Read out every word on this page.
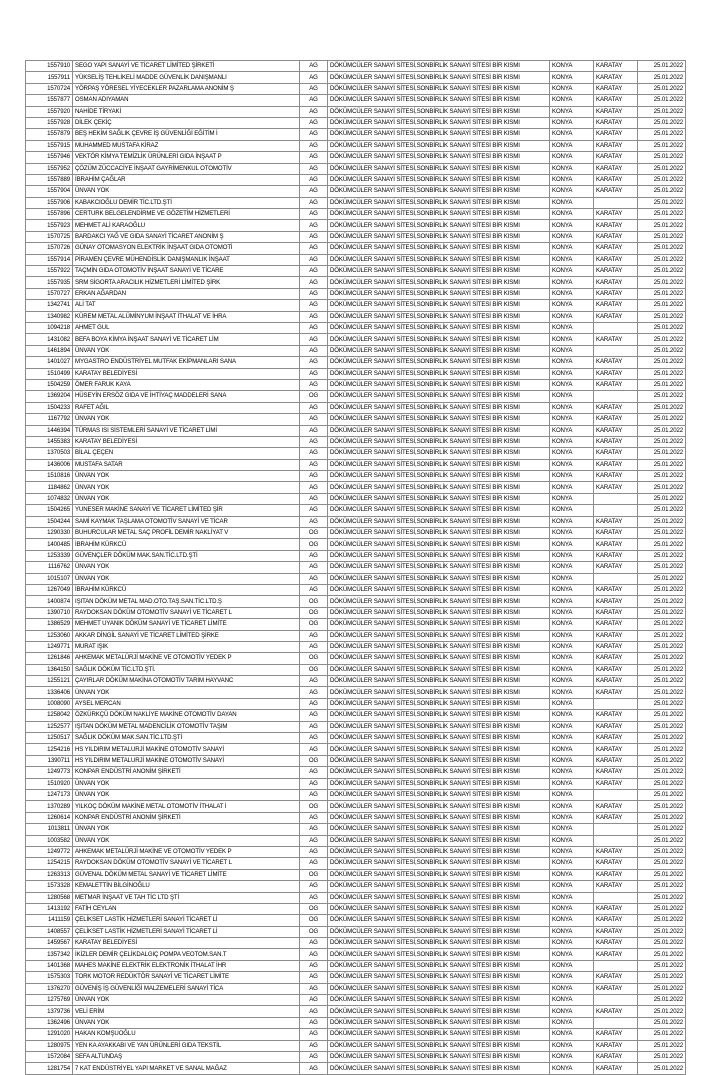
1557910	SEGO YAPI SANAYİ VE TİCARET LİMİTED ŞİRKETİ	AG	DÖKÜMCÜLER SANAYİ SİTESİ,SONBİRLİK SANAYİ SİTESİ BİR KISMI	KONYA	KARATAY	25.01.2022
1557911	YÜKSELİŞ TEHLİKELİ MADDE GÜVENLİK DANIŞMANLI	AG	DÖKÜMCÜLER SANAYİ SİTESİ,SONBİRLİK SANAYİ SİTESİ BİR KISMI	KONYA	KARATAY	25.01.2022
1570724	YÖRPAŞ YÖRESEL YİYECEKLER PAZARLAMA ANONİM Ş	AG	DÖKÜMCÜLER SANAYİ SİTESİ,SONBİRLİK SANAYİ SİTESİ BİR KISMI	KONYA	KARATAY	25.01.2022
1557877	OSMAN ADIYAMAN	AG	DÖKÜMCÜLER SANAYİ SİTESİ,SONBİRLİK SANAYİ SİTESİ BİR KISMI	KONYA	KARATAY	25.01.2022
1557920	NAHİDE TİRYAKİ	AG	DÖKÜMCÜLER SANAYİ SİTESİ,SONBİRLİK SANAYİ SİTESİ BİR KISMI	KONYA	KARATAY	25.01.2022
1557928	DİLEK ÇEKİÇ	AG	DÖKÜMCÜLER SANAYİ SİTESİ,SONBİRLİK SANAYİ SİTESİ BİR KISMI	KONYA	KARATAY	25.01.2022
1557879	BEŞ HEKİM SAĞLIK ÇEVRE İŞ GÜVENLİĞİ EĞİTİM İ	AG	DÖKÜMCÜLER SANAYİ SİTESİ,SONBİRLİK SANAYİ SİTESİ BİR KISMI	KONYA	KARATAY	25.01.2022
1557915	MUHAMMED MUSTAFA KİRAZ	AG	DÖKÜMCÜLER SANAYİ SİTESİ,SONBİRLİK SANAYİ SİTESİ BİR KISMI	KONYA	KARATAY	25.01.2022
1557946	VEKTÖR KİMYA TEMİZLİK ÜRÜNLERİ GIDA İNŞAAT P	AG	DÖKÜMCÜLER SANAYİ SİTESİ,SONBİRLİK SANAYİ SİTESİ BİR KISMI	KONYA	KARATAY	25.01.2022
1557952	ÇÖZÜM ZÜCCACİYE İNŞAAT GAYRİMENKUL OTOMOTİV	AG	DÖKÜMCÜLER SANAYİ SİTESİ,SONBİRLİK SANAYİ SİTESİ BİR KISMI	KONYA	KARATAY	25.01.2022
1557889	İBRAHİM ÇAĞLAR	AG	DÖKÜMCÜLER SANAYİ SİTESİ,SONBİRLİK SANAYİ SİTESİ BİR KISMI	KONYA	KARATAY	25.01.2022
1557904	ÜNVAN YOK	AG	DÖKÜMCÜLER SANAYİ SİTESİ,SONBİRLİK SANAYİ SİTESİ BİR KISMI	KONYA	KARATAY	25.01.2022
1557906	KABAKCIOĞLU DEMİR TİC.LTD.ŞTİ	AG	DÖKÜMCÜLER SANAYİ SİTESİ,SONBİRLİK SANAYİ SİTESİ BİR KISMI	KONYA		25.01.2022
1557896	CERTURK BELGELENDİRME VE GÖZETİM HİZMETLERİ	AG	DÖKÜMCÜLER SANAYİ SİTESİ,SONBİRLİK SANAYİ SİTESİ BİR KISMI	KONYA	KARATAY	25.01.2022
1557923	MEHMET ALİ KARAOĞLU	AG	DÖKÜMCÜLER SANAYİ SİTESİ,SONBİRLİK SANAYİ SİTESİ BİR KISMI	KONYA	KARATAY	25.01.2022
1570725	BARDAKCI YAĞ VE GIDA SANAYİ TİCARET ANONİM Ş	AG	DÖKÜMCÜLER SANAYİ SİTESİ,SONBİRLİK SANAYİ SİTESİ BİR KISMI	KONYA	KARATAY	25.01.2022
1570726	GÜNAY OTOMASYON ELEKTRİK İNŞAAT GIDA OTOMOTİ	AG	DÖKÜMCÜLER SANAYİ SİTESİ,SONBİRLİK SANAYİ SİTESİ BİR KISMI	KONYA	KARATAY	25.01.2022
1557914	PİRAMEN ÇEVRE MÜHENDİSLİK DANIŞMANLIK İNŞAAT	AG	DÖKÜMCÜLER SANAYİ SİTESİ,SONBİRLİK SANAYİ SİTESİ BİR KISMI	KONYA	KARATAY	25.01.2022
1557922	TAÇMİN GIDA OTOMOTİV İNŞAAT SANAYİ VE TİCARE	AG	DÖKÜMCÜLER SANAYİ SİTESİ,SONBİRLİK SANAYİ SİTESİ BİR KISMI	KONYA	KARATAY	25.01.2022
1557935	SRM SİGORTA ARACILIK HİZMETLERİ LİMİTED ŞİRK	AG	DÖKÜMCÜLER SANAYİ SİTESİ,SONBİRLİK SANAYİ SİTESİ BİR KISMI	KONYA	KARATAY	25.01.2022
1570727	ERKAN AĞARDAN	AG	DÖKÜMCÜLER SANAYİ SİTESİ,SONBİRLİK SANAYİ SİTESİ BİR KISMI	KONYA	KARATAY	25.01.2022
1342741	ALİ TAT	AG	DÖKÜMCÜLER SANAYİ SİTESİ,SONBİRLİK SANAYİ SİTESİ BİR KISMI	KONYA	KARATAY	25.01.2022
1340982	KÜREM METAL ALÜMİNYUM İNŞAAT İTHALAT VE İHRA	AG	DÖKÜMCÜLER SANAYİ SİTESİ,SONBİRLİK SANAYİ SİTESİ BİR KISMI	KONYA	KARATAY	25.01.2022
1094218	AHMET GUL	AG	DÖKÜMCÜLER SANAYİ SİTESİ,SONBİRLİK SANAYİ SİTESİ BİR KISMI	KONYA		25.01.2022
1431082	BEFA BOYA KİMYA İNŞAAT SANAYİ VE TİCARET LİM	AG	DÖKÜMCÜLER SANAYİ SİTESİ,SONBİRLİK SANAYİ SİTESİ BİR KISMI	KONYA	KARATAY	25.01.2022
1461894	ÜNVAN YOK	AG	DÖKÜMCÜLER SANAYİ SİTESİ,SONBİRLİK SANAYİ SİTESİ BİR KISMI	KONYA		25.01.2022
1401027	MYGASTRO ENDÜSTRİYEL MUTFAK EKİPMANLARI SANA	AG	DÖKÜMCÜLER SANAYİ SİTESİ,SONBİRLİK SANAYİ SİTESİ BİR KISMI	KONYA	KARATAY	25.01.2022
1510499	KARATAY BELEDİYESİ	AG	DÖKÜMCÜLER SANAYİ SİTESİ,SONBİRLİK SANAYİ SİTESİ BİR KISMI	KONYA	KARATAY	25.01.2022
1504259	ÖMER FARUK KAYA	AG	DÖKÜMCÜLER SANAYİ SİTESİ,SONBİRLİK SANAYİ SİTESİ BİR KISMI	KONYA	KARATAY	25.01.2022
1369204	HÜSEYİN ERSÖZ GIDA VE İHTİYAÇ MADDELERİ SANA	OG	DÖKÜMCÜLER SANAYİ SİTESİ,SONBİRLİK SANAYİ SİTESİ BİR KISMI	KONYA		25.01.2022
1504233	RAFET AĞIL	AG	DÖKÜMCÜLER SANAYİ SİTESİ,SONBİRLİK SANAYİ SİTESİ BİR KISMI	KONYA	KARATAY	25.01.2022
1167792	ÜNVAN YOK	AG	DÖKÜMCÜLER SANAYİ SİTESİ,SONBİRLİK SANAYİ SİTESİ BİR KISMI	KONYA	KARATAY	25.01.2022
1446394	TÜRMAS ISI SİSTEMLERİ SANAYİ VE TİCARET LİMİ	AG	DÖKÜMCÜLER SANAYİ SİTESİ,SONBİRLİK SANAYİ SİTESİ BİR KISMI	KONYA	KARATAY	25.01.2022
1455383	KARATAY BELEDİYESİ	AG	DÖKÜMCÜLER SANAYİ SİTESİ,SONBİRLİK SANAYİ SİTESİ BİR KISMI	KONYA	KARATAY	25.01.2022
1370503	BİLAL ÇEÇEN	AG	DÖKÜMCÜLER SANAYİ SİTESİ,SONBİRLİK SANAYİ SİTESİ BİR KISMI	KONYA	KARATAY	25.01.2022
1436006	MUSTAFA SATAR	AG	DÖKÜMCÜLER SANAYİ SİTESİ,SONBİRLİK SANAYİ SİTESİ BİR KISMI	KONYA	KARATAY	25.01.2022
1510816	ÜNVAN YOK	AG	DÖKÜMCÜLER SANAYİ SİTESİ,SONBİRLİK SANAYİ SİTESİ BİR KISMI	KONYA	KARATAY	25.01.2022
1184862	ÜNVAN YOK	AG	DÖKÜMCÜLER SANAYİ SİTESİ,SONBİRLİK SANAYİ SİTESİ BİR KISMI	KONYA	KARATAY	25.01.2022
1074832	ÜNVAN YOK	AG	DÖKÜMCÜLER SANAYİ SİTESİ,SONBİRLİK SANAYİ SİTESİ BİR KISMI	KONYA		25.01.2022
1504265	YUNESER MAKİNE SANAYİ VE TİCARET LİMİTED ŞİR	AG	DÖKÜMCÜLER SANAYİ SİTESİ,SONBİRLİK SANAYİ SİTESİ BİR KISMI	KONYA		25.01.2022
1504244	SAMİ KAYMAK TAŞLAMA OTOMOTİV SANAYİ VE TİCAR	AG	DÖKÜMCÜLER SANAYİ SİTESİ,SONBİRLİK SANAYİ SİTESİ BİR KISMI	KONYA	KARATAY	25.01.2022
1290330	BUHURCULAR METAL SAÇ PROFİL DEMİR NAKLİYAT V	OG	DÖKÜMCÜLER SANAYİ SİTESİ,SONBİRLİK SANAYİ SİTESİ BİR KISMI	KONYA	KARATAY	25.01.2022
1400485	İBRAHİM KÜRKCÜ	OG	DÖKÜMCÜLER SANAYİ SİTESİ,SONBİRLİK SANAYİ SİTESİ BİR KISMI	KONYA	KARATAY	25.01.2022
1253339	GÜVENÇLER DÖKÜM MAK.SAN.TİC.LTD.ŞTİ	AG	DÖKÜMCÜLER SANAYİ SİTESİ,SONBİRLİK SANAYİ SİTESİ BİR KISMI	KONYA	KARATAY	25.01.2022
1116762	ÜNVAN YOK	AG	DÖKÜMCÜLER SANAYİ SİTESİ,SONBİRLİK SANAYİ SİTESİ BİR KISMI	KONYA	KARATAY	25.01.2022
1015107	ÜNVAN YOK	AG	DÖKÜMCÜLER SANAYİ SİTESİ,SONBİRLİK SANAYİ SİTESİ BİR KISMI	KONYA		25.01.2022
1267049	İBRAHİM KÜRKCÜ	AG	DÖKÜMCÜLER SANAYİ SİTESİ,SONBİRLİK SANAYİ SİTESİ BİR KISMI	KONYA	KARATAY	25.01.2022
1400874	IŞITAN DÖKÜM METAL MAD.OTO.TAŞ.SAN.TİC.LTD.Ş	OG	DÖKÜMCÜLER SANAYİ SİTESİ,SONBİRLİK SANAYİ SİTESİ BİR KISMI	KONYA	KARATAY	25.01.2022
1390710	RAYDOKSAN DÖKÜM OTOMOTİV SANAYİ VE TİCARET L	OG	DÖKÜMCÜLER SANAYİ SİTESİ,SONBİRLİK SANAYİ SİTESİ BİR KISMI	KONYA	KARATAY	25.01.2022
1386529	MEHMET UYANIK DÖKÜM SANAYİ VE TİCARET LİMİTE	OG	DÖKÜMCÜLER SANAYİ SİTESİ,SONBİRLİK SANAYİ SİTESİ BİR KISMI	KONYA	KARATAY	25.01.2022
1253060	AKKAR DİNGİL SANAYİ VE TİCARET LİMİTED ŞİRKE	AG	DÖKÜMCÜLER SANAYİ SİTESİ,SONBİRLİK SANAYİ SİTESİ BİR KISMI	KONYA	KARATAY	25.01.2022
1249771	MURAT IŞIK	AG	DÖKÜMCÜLER SANAYİ SİTESİ,SONBİRLİK SANAYİ SİTESİ BİR KISMI	KONYA	KARATAY	25.01.2022
1261846	AHKEMAK METALÜRJİ MAKİNE VE OTOMOTİV YEDEK P	OG	DÖKÜMCÜLER SANAYİ SİTESİ,SONBİRLİK SANAYİ SİTESİ BİR KISMI	KONYA	KARATAY	25.01.2022
1364150	SAĞLIK DÖKÜM TİC.LTD.ŞTİ.	OG	DÖKÜMCÜLER SANAYİ SİTESİ,SONBİRLİK SANAYİ SİTESİ BİR KISMI	KONYA	KARATAY	25.01.2022
1255121	ÇAYIRLAR DÖKÜM MAKİNA OTOMOTİV TARIM HAYVANC	AG	DÖKÜMCÜLER SANAYİ SİTESİ,SONBİRLİK SANAYİ SİTESİ BİR KISMI	KONYA	KARATAY	25.01.2022
1336406	ÜNVAN YOK	AG	DÖKÜMCÜLER SANAYİ SİTESİ,SONBİRLİK SANAYİ SİTESİ BİR KISMI	KONYA	KARATAY	25.01.2022
1008090	AYSEL MERCAN	AG	DÖKÜMCÜLER SANAYİ SİTESİ,SONBİRLİK SANAYİ SİTESİ BİR KISMI	KONYA		25.01.2022
1258042	ÖZKÜRKÇÜ DÖKÜM NAKLİYE MAKİNE OTOMOTİV DAYAN	AG	DÖKÜMCÜLER SANAYİ SİTESİ,SONBİRLİK SANAYİ SİTESİ BİR KISMI	KONYA	KARATAY	25.01.2022
1252577	IŞITAN DÖKÜM METAL MADENCİLİK OTOMOTİV TAŞIM	AG	DÖKÜMCÜLER SANAYİ SİTESİ,SONBİRLİK SANAYİ SİTESİ BİR KISMI	KONYA	KARATAY	25.01.2022
1250517	SAĞLIK DÖKÜM MAK.SAN.TİC.LTD.ŞTİ	AG	DÖKÜMCÜLER SANAYİ SİTESİ,SONBİRLİK SANAYİ SİTESİ BİR KISMI	KONYA	KARATAY	25.01.2022
1254216	HS YILDIRIM METALURJİ MAKİNE OTOMOTİV SANAYİ	AG	DÖKÜMCÜLER SANAYİ SİTESİ,SONBİRLİK SANAYİ SİTESİ BİR KISMI	KONYA	KARATAY	25.01.2022
1390711	HS YILDIRIM METALURJİ MAKİNE OTOMOTİV SANAYİ	OG	DÖKÜMCÜLER SANAYİ SİTESİ,SONBİRLİK SANAYİ SİTESİ BİR KISMI	KONYA	KARATAY	25.01.2022
1249773	KONPAR ENDÜSTRİ ANONİM ŞİRKETİ	AG	DÖKÜMCÜLER SANAYİ SİTESİ,SONBİRLİK SANAYİ SİTESİ BİR KISMI	KONYA	KARATAY	25.01.2022
1510920	ÜNVAN YOK	AG	DÖKÜMCÜLER SANAYİ SİTESİ,SONBİRLİK SANAYİ SİTESİ BİR KISMI	KONYA	KARATAY	25.01.2022
1247173	ÜNVAN YOK	AG	DÖKÜMCÜLER SANAYİ SİTESİ,SONBİRLİK SANAYİ SİTESİ BİR KISMI	KONYA		25.01.2022
1370289	YILKOÇ DÖKÜM MAKİNE METAL OTOMOTİV İTHALAT İ	OG	DÖKÜMCÜLER SANAYİ SİTESİ,SONBİRLİK SANAYİ SİTESİ BİR KISMI	KONYA	KARATAY	25.01.2022
1260614	KONPAR ENDÜSTRİ ANONİM ŞİRKETİ	AG	DÖKÜMCÜLER SANAYİ SİTESİ,SONBİRLİK SANAYİ SİTESİ BİR KISMI	KONYA	KARATAY	25.01.2022
1013811	ÜNVAN YOK	AG	DÖKÜMCÜLER SANAYİ SİTESİ,SONBİRLİK SANAYİ SİTESİ BİR KISMI	KONYA		25.01.2022
1003582	ÜNVAN YOK	AG	DÖKÜMCÜLER SANAYİ SİTESİ,SONBİRLİK SANAYİ SİTESİ BİR KISMI	KONYA		25.01.2022
1249772	AHKEMAK METALÜRJİ MAKİNE VE OTOMOTİV YEDEK P	AG	DÖKÜMCÜLER SANAYİ SİTESİ,SONBİRLİK SANAYİ SİTESİ BİR KISMI	KONYA	KARATAY	25.01.2022
1254215	RAYDOKSAN DÖKÜM OTOMOTİV SANAYİ VE TİCARET L	AG	DÖKÜMCÜLER SANAYİ SİTESİ,SONBİRLİK SANAYİ SİTESİ BİR KISMI	KONYA	KARATAY	25.01.2022
1263313	GÜVENAL DÖKÜM METAL SANAYİ VE TİCARET LİMİTE	OG	DÖKÜMCÜLER SANAYİ SİTESİ,SONBİRLİK SANAYİ SİTESİ BİR KISMI	KONYA	KARATAY	25.01.2022
1573328	KEMALETTİN BİLGİNOĞLU	AG	DÖKÜMCÜLER SANAYİ SİTESİ,SONBİRLİK SANAYİ SİTESİ BİR KISMI	KONYA	KARATAY	25.01.2022
1280568	METMAR İNŞAAT VE TAH TİC LTD ŞTİ	AG	DÖKÜMCÜLER SANAYİ SİTESİ,SONBİRLİK SANAYİ SİTESİ BİR KISMI	KONYA		25.01.2022
1413192	FATİH CEYLAN	OG	DÖKÜMCÜLER SANAYİ SİTESİ,SONBİRLİK SANAYİ SİTESİ BİR KISMI	KONYA	KARATAY	25.01.2022
1411159	ÇELİKSET LASTİK HİZMETLERİ SANAYİ TİCARET Lİ	OG	DÖKÜMCÜLER SANAYİ SİTESİ,SONBİRLİK SANAYİ SİTESİ BİR KISMI	KONYA	KARATAY	25.01.2022
1408557	ÇELİKSET LASTİK HİZMETLERİ SANAYİ TİCARET Lİ	OG	DÖKÜMCÜLER SANAYİ SİTESİ,SONBİRLİK SANAYİ SİTESİ BİR KISMI	KONYA	KARATAY	25.01.2022
1459567	KARATAY BELEDİYESİ	AG	DÖKÜMCÜLER SANAYİ SİTESİ,SONBİRLİK SANAYİ SİTESİ BİR KISMI	KONYA	KARATAY	25.01.2022
1357342	İKİZLER DEMİR ÇELİKDALGIÇ POMPA VEOTOM.SAN.T	AG	DÖKÜMCÜLER SANAYİ SİTESİ,SONBİRLİK SANAYİ SİTESİ BİR KISMI	KONYA	KARATAY	25.01.2022
1401368	MAHES MAKİNE ELEKTRİK ELEKTRONİK İTHALAT İHR	AG	DÖKÜMCÜLER SANAYİ SİTESİ,SONBİRLİK SANAYİ SİTESİ BİR KISMI	KONYA		25.01.2022
1575303	TORK MOTOR REDÜKTÖR SANAYİ VE TİCARET LİMİTE	AG	DÖKÜMCÜLER SANAYİ SİTESİ,SONBİRLİK SANAYİ SİTESİ BİR KISMI	KONYA	KARATAY	25.01.2022
1376270	GÜVENİŞ İŞ GÜVENLİĞİ MALZEMELERİ SANAYİ TİCA	AG	DÖKÜMCÜLER SANAYİ SİTESİ,SONBİRLİK SANAYİ SİTESİ BİR KISMI	KONYA	KARATAY	25.01.2022
1275769	ÜNVAN YOK	AG	DÖKÜMCÜLER SANAYİ SİTESİ,SONBİRLİK SANAYİ SİTESİ BİR KISMI	KONYA		25.01.2022
1379736	VELİ ERİM	AG	DÖKÜMCÜLER SANAYİ SİTESİ,SONBİRLİK SANAYİ SİTESİ BİR KISMI	KONYA	KARATAY	25.01.2022
1362496	ÜNVAN YOK	AG	DÖKÜMCÜLER SANAYİ SİTESİ,SONBİRLİK SANAYİ SİTESİ BİR KISMI	KONYA		25.01.2022
1291020	HAKAN KOMŞUOĞLU	AG	DÖKÜMCÜLER SANAYİ SİTESİ,SONBİRLİK SANAYİ SİTESİ BİR KISMI	KONYA	KARATAY	25.01.2022
1280975	YEN KA AYAKKABI VE YAN ÜRÜNLERİ GIDA TEKSTİL	AG	DÖKÜMCÜLER SANAYİ SİTESİ,SONBİRLİK SANAYİ SİTESİ BİR KISMI	KONYA	KARATAY	25.01.2022
1572084	SEFA ALTUNDAŞ	AG	DÖKÜMCÜLER SANAYİ SİTESİ,SONBİRLİK SANAYİ SİTESİ BİR KISMI	KONYA	KARATAY	25.01.2022
1281754	7 KAT ENDÜSTRİYEL YAPI MARKET VE SANAL MAĞAZ	AG	DÖKÜMCÜLER SANAYİ SİTESİ,SONBİRLİK SANAYİ SİTESİ BİR KISMI	KONYA	KARATAY	25.01.2022
